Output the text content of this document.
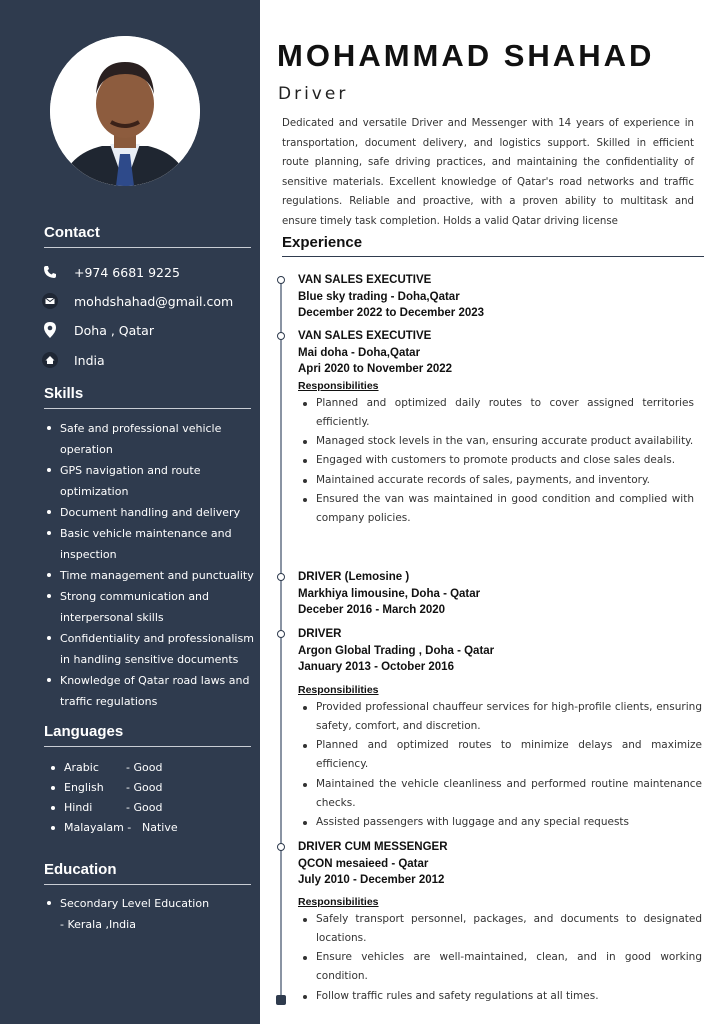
Contact
+974 6681 9225
mohdshahad@gmail.com
Doha , Qatar
India
Skills
Safe and professional vehicle operation
GPS navigation and route optimization
Document handling and delivery
Basic vehicle maintenance and inspection
Time management and punctuality
Strong communication and interpersonal skills
Confidentiality and professionalism in handling sensitive documents
Knowledge of Qatar road laws and traffic regulations
Languages
Arabic	- Good
English	- Good
Hindi	- Good
Malayalam - Native
Education
Secondary Level Education - Kerala ,India
MOHAMMAD SHAHAD
Driver
Dedicated and versatile Driver and Messenger with 14 years of experience in transportation, document delivery, and logistics support. Skilled in efficient route planning, safe driving practices, and maintaining the confidentiality of sensitive materials. Excellent knowledge of Qatar's road networks and traffic regulations. Reliable and proactive, with a proven ability to multitask and ensure timely task completion. Holds a valid Qatar driving license
Experience
VAN SALES EXECUTIVE
Blue sky trading - Doha,Qatar
December 2022 to December 2023
VAN SALES EXECUTIVE
Mai doha - Doha,Qatar
Apri 2020 to November 2022
Responsibilities
Planned and optimized daily routes to cover assigned territories efficiently.
Managed stock levels in the van, ensuring accurate product availability.
Engaged with customers to promote products and close sales deals.
Maintained accurate records of sales, payments, and inventory.
Ensured the van was maintained in good condition and complied with company policies.
DRIVER (Lemosine )
Markhiya limousine, Doha - Qatar
Deceber 2016 - March 2020
DRIVER
Argon Global Trading , Doha - Qatar
January 2013 - October 2016
Responsibilities
Provided professional chauffeur services for high-profile clients, ensuring safety, comfort, and discretion.
Planned and optimized routes to minimize delays and maximize efficiency.
Maintained the vehicle cleanliness and performed routine maintenance checks.
Assisted passengers with luggage and any special requests
DRIVER CUM MESSENGER
QCON mesaieed - Qatar
July 2010 - December 2012
Responsibilities
Safely transport personnel, packages, and documents to designated locations.
Ensure vehicles are well-maintained, clean, and in good working condition.
Follow traffic rules and safety regulations at all times.
